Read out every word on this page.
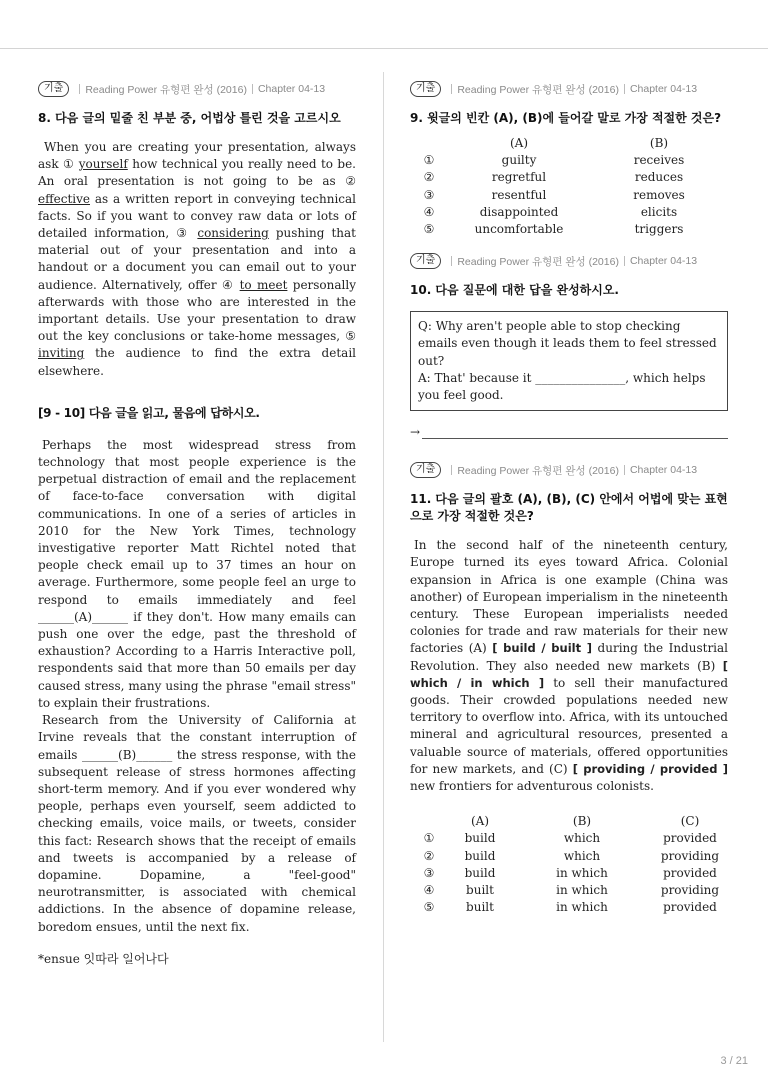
기출	Reading Power 유형편 완성 (2016) Chapter 04-13
8. 다음 글의 밑줄 친 부분 중, 어법상 틀린 것을 고르시오

When you are creating your presentation, always ask ① yourself how technical you really need to be. An oral presentation is not going to be as ② effective as a written report in conveying technical facts. So if you want to convey raw data or lots of detailed information, ③ considering pushing that material out of your presentation and into a handout or a document you can email out to your audience. Alternatively, offer ④ to meet personally afterwards with those who are interested in the important details. Use your presentation to draw out the key conclusions or take-home messages, ⑤ inviting the audience to find the extra detail elsewhere.

[9 - 10] 다음 글을 읽고, 물음에 답하시오.

Perhaps the most widespread stress from technology that most people experience is the perpetual distraction of email and the replacement of face-to-face conversation with digital communications. In one of a series of articles in 2010 for the New York Times, technology investigative reporter Matt Richtel noted that people check email up to 37 times an hour on average. Furthermore, some people feel an urge to respond to emails immediately and feel ______(A)______ if they don't. How many emails can push one over the edge, past the threshold of exhaustion? According to a Harris Interactive poll, respondents said that more than 50 emails per day caused stress, many using the phrase "email stress" to explain their frustrations.

Research from the University of California at Irvine reveals that the constant interruption of emails ______(B)______ the stress response, with the subsequent release of stress hormones affecting short-term memory. And if you ever wondered why people, perhaps even yourself, seem addicted to checking emails, voice mails, or tweets, consider this fact: Research shows that the receipt of emails and tweets is accompanied by a release of dopamine. Dopamine, a "feel-good" neurotransmitter, is associated with chemical addictions. In the absence of dopamine release, boredom ensues, until the next fix.

*ensue 잇따라 일어나다
기출	Reading Power 유형편 완성 (2016) Chapter 04-13
9. 윗글의 빈칸 (A), (B)에 들어갈 말로 가장 적절한 것은?
(A)	(B)
①	guilty	receives
②	regretful	reduces
③	resentful	removes
④	disappointed	elicits
⑤	uncomfortable	triggers
기출	Reading Power 유형편 완성 (2016) Chapter 04-13
10. 다음 질문에 대한 답을 완성하시오.
Q: Why aren't people able to stop checking emails even though it leads them to feel stressed out?
A: That' because it _______________, which helps you feel good.
→
기출	Reading Power 유형편 완성 (2016) Chapter 04-13
11. 다음 글의 괄호 (A), (B), (C) 안에서 어법에 맞는 표현으로 가장 적절한 것은?

In the second half of the nineteenth century, Europe turned its eyes toward Africa. Colonial expansion in Africa is one example (China was another) of European imperialism in the nineteenth century. These European imperialists needed colonies for trade and raw materials for their new factories (A) [ build / built ] during the Industrial Revolution. They also needed new markets (B) [ which / in which ] to sell their manufactured goods. Their crowded populations needed new territory to overflow into. Africa, with its untouched mineral and agricultural resources, presented a valuable source of materials, offered opportunities for new markets, and (C) [ providing / provided ] new frontiers for adventurous colonists.

(A)	(B)	(C)
①	build	which	provided
②	build	which	providing
③	build	in which	provided
④	built	in which	providing
⑤	built	in which	provided
3 / 21
